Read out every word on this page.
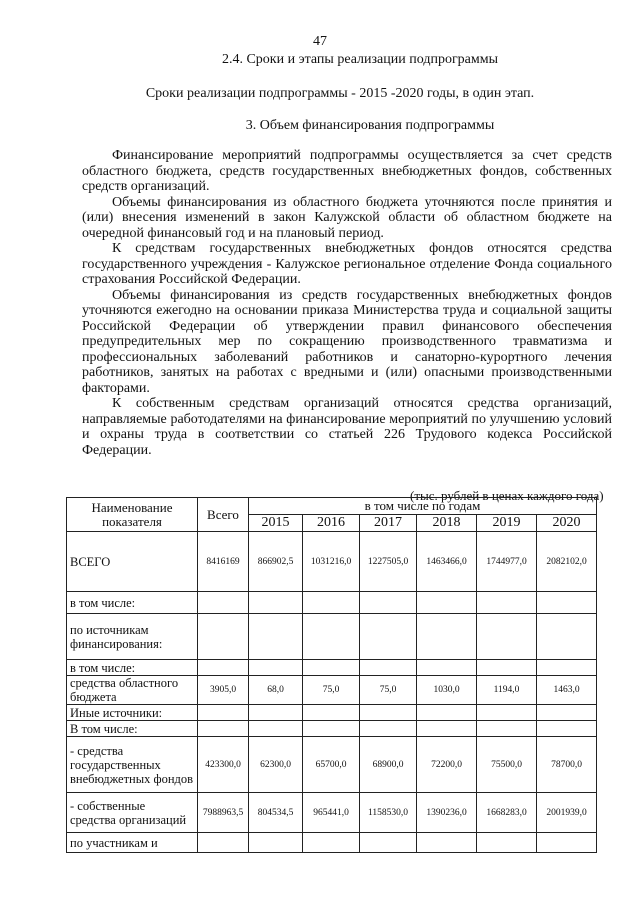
47
2.4. Сроки и этапы реализации подпрограммы
Сроки реализации подпрограммы - 2015 -2020 годы, в один этап.
3. Объем финансирования подпрограммы

Финансирование мероприятий подпрограммы осуществляется за счет средств областного бюджета, средств государственных внебюджетных фондов, собственных средств организаций.

Объемы финансирования из областного бюджета уточняются после принятия и (или) внесения изменений в закон Калужской области об областном бюджете на очередной финансовый год и на плановый период.

К средствам государственных внебюджетных фондов относятся средства государственного учреждения - Калужское региональное отделение Фонда социального страхования Российской Федерации.

Объемы финансирования из средств государственных внебюджетных фондов уточняются ежегодно на основании приказа Министерства труда и социальной защиты Российской Федерации об утверждении правил финансового обеспечения предупредительных мер по сокращению производственного травматизма и профессиональных заболеваний работников и санаторно-курортного лечения работников, занятых на работах с вредными и (или) опасными производственными факторами.

К собственным средствам организаций относятся средства организаций, направляемые работодателями на финансирование мероприятий по улучшению условий и охраны труда в соответствии со статьей 226 Трудового кодекса Российской Федерации.

(тыс. рублей в ценах каждого года)
Наименование показателя	Всего	в том числе по годам					
		2015	2016	2017	2018	2019	2020
ВСЕГО	8416169	866902,5	1031216,0	1227505,0	1463466,0	1744977,0	2082102,0
в том числе:							
по источникам финансирования:							
в том числе:							
средства областного бюджета	3905,0	68,0	75,0	75,0	1030,0	1194,0	1463,0
Иные источники:							
В том числе:							
- средства государственных внебюджетных фондов	423300,0	62300,0	65700,0	68900,0	72200,0	75500,0	78700,0
- собственные средства организаций	7988963,5	804534,5	965441,0	1158530,0	1390236,0	1668283,0	2001939,0
по участникам и							
